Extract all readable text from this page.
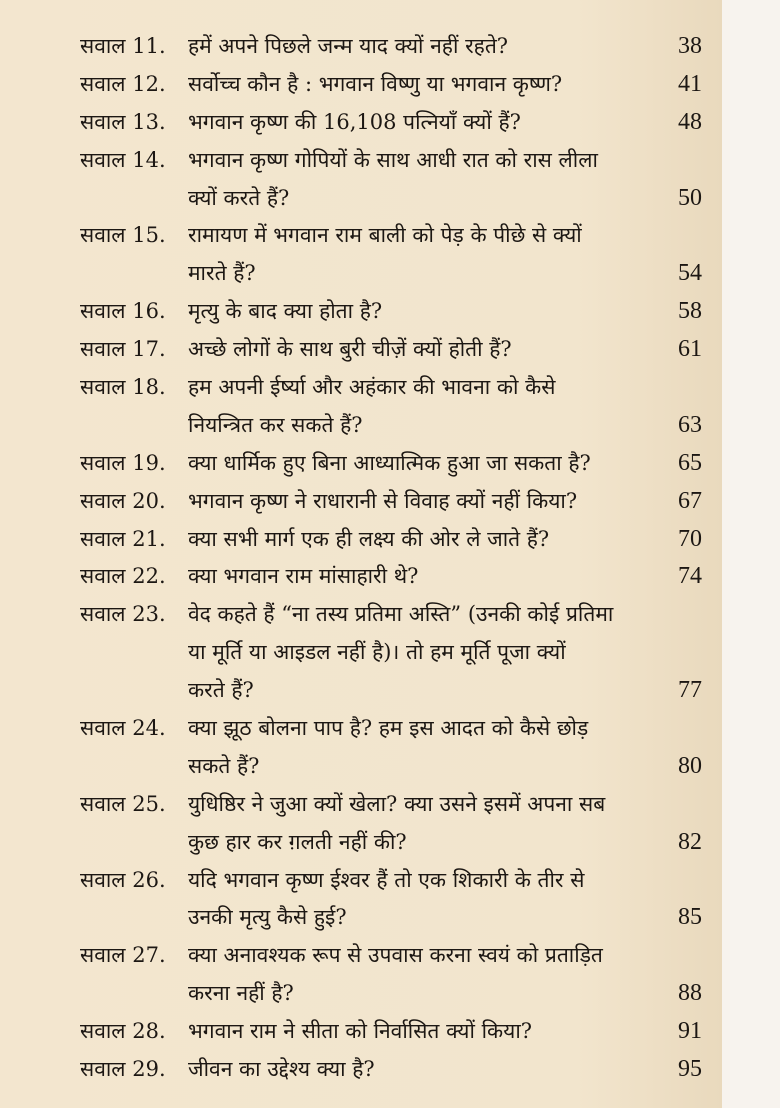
सवाल 11.	हमें अपने पिछले जन्म याद क्यों नहीं रहते?	38
सवाल 12.	सर्वोच्च कौन है : भगवान विष्णु या भगवान कृष्ण?	41
सवाल 13.	भगवान कृष्ण की 16,108 पत्नियाँ क्यों हैं?	48
सवाल 14.	भगवान कृष्ण गोपियों के साथ आधी रात को रास लीला
क्यों करते हैं?	50
सवाल 15.	रामायण में भगवान राम बाली को पेड़ के पीछे से क्यों
मारते हैं?	54
सवाल 16.	मृत्यु के बाद क्या होता है?	58
सवाल 17.	अच्छे लोगों के साथ बुरी चीज़ें क्यों होती हैं?	61
सवाल 18.	हम अपनी ईर्ष्या और अहंकार की भावना को कैसे
नियन्त्रित कर सकते हैं?	63
सवाल 19.	क्या धार्मिक हुए बिना आध्यात्मिक हुआ जा सकता है?	65
सवाल 20.	भगवान कृष्ण ने राधारानी से विवाह क्यों नहीं किया?	67
सवाल 21.	क्या सभी मार्ग एक ही लक्ष्य की ओर ले जाते हैं?	70
सवाल 22.	क्या भगवान राम मांसाहारी थे?	74
सवाल 23.	वेद कहते हैं “ना तस्य प्रतिमा अस्ति” (उनकी कोई प्रतिमा
या मूर्ति या आइडल नहीं है)। तो हम मूर्ति पूजा क्यों
करते हैं?	77
सवाल 24.	क्या झूठ बोलना पाप है? हम इस आदत को कैसे छोड़
सकते हैं?	80
सवाल 25.	युधिष्ठिर ने जुआ क्यों खेला? क्या उसने इसमें अपना सब
कुछ हार कर ग़लती नहीं की?	82
सवाल 26.	यदि भगवान कृष्ण ईश्वर हैं तो एक शिकारी के तीर से
उनकी मृत्यु कैसे हुई?	85
सवाल 27.	क्या अनावश्यक रूप से उपवास करना स्वयं को प्रताड़ित
करना नहीं है?	88
सवाल 28.	भगवान राम ने सीता को निर्वासित क्यों किया?	91
सवाल 29.	जीवन का उद्देश्य क्या है?	95
